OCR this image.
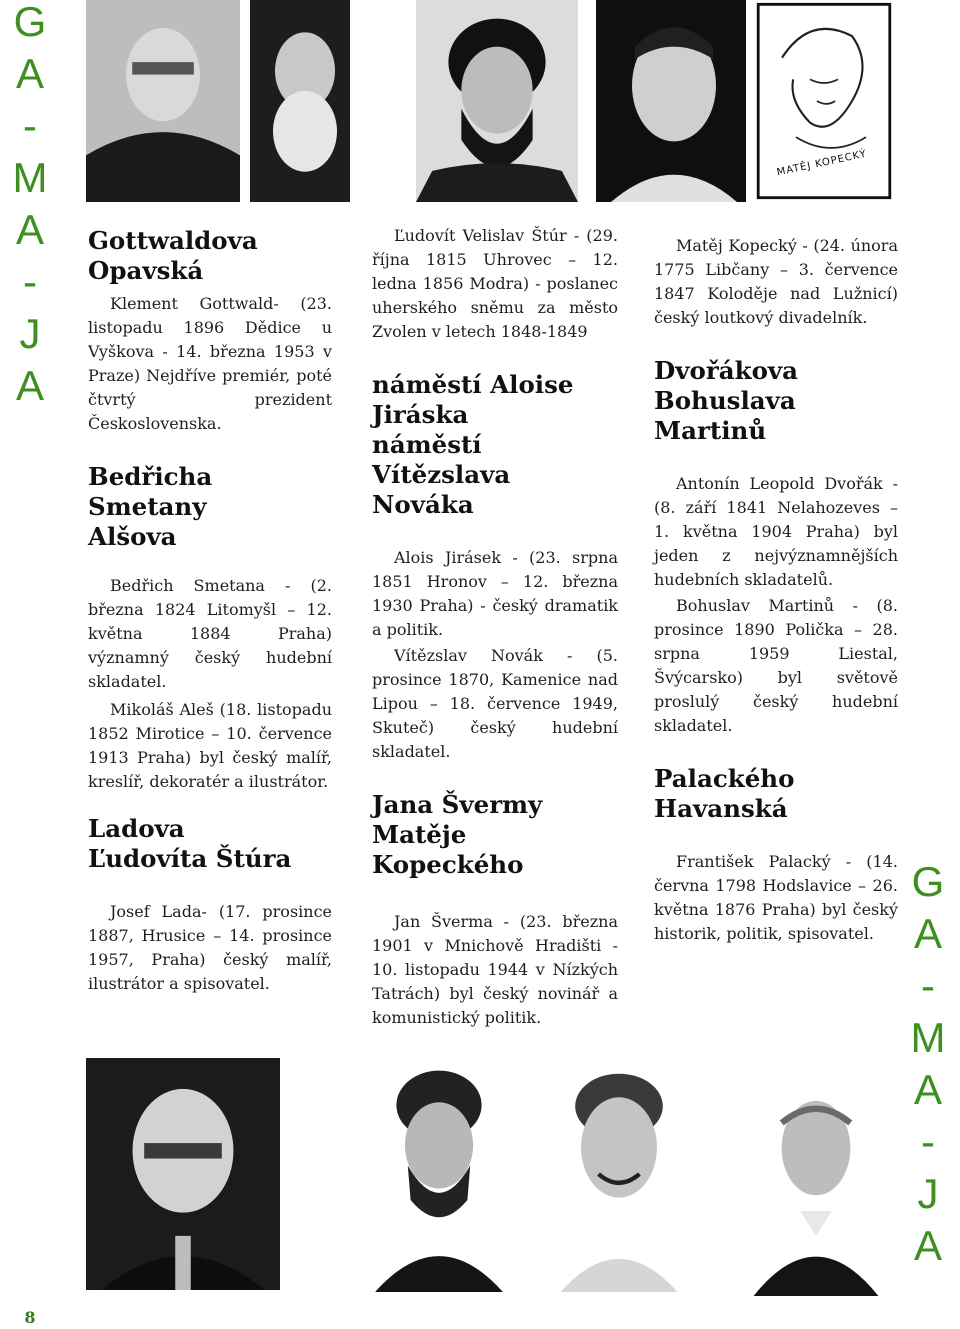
G
A
-
M
A
-
J
A
G
A
-
M
A
-
J
A
MATĚJ KOPECKÝ
Gottwaldova
Opavská

Klement Gottwald- (23. listopadu 1896 Dědice u Vyškova - 14. března 1953 v Praze) Nejdříve premiér, poté čtvrtý prezident Československa.

Bedřicha Smetany
Alšova

Bedřich Smetana - (2. března 1824 Litomyšl – 12. května 1884 Praha) významný český hudební skladatel.

Mikoláš Aleš (18. listopadu 1852 Mirotice – 10. července 1913 Praha) byl český malíř, kreslíř, dekoratér a ilustrátor.

Ladova
Ľudovíta Štúra

Josef Lada- (17. prosince 1887, Hrusice – 14. prosince 1957, Praha) český malíř, ilustrátor a spisovatel.

Ľudovít Velislav Štúr - (29. října 1815 Uhrovec – 12. ledna 1856 Modra) - poslanec uherského sněmu za město Zvolen v letech 1848-1849

náměstí Aloise Jiráska
náměstí Vítězslava Nováka

Alois Jirásek - (23. srpna 1851 Hronov – 12. března 1930 Praha) - český dramatik a politik.

Vítězslav Novák - (5. prosince 1870, Kamenice nad Lipou – 18. července 1949, Skuteč) český hudební skladatel.

Jana Švermy
Matěje Kopeckého

Jan Šverma - (23. března 1901 v Mnichově Hradišti - 10. listopadu 1944 v Nízkých Tatrách) byl český novinář a komunistický politik.

Matěj Kopecký - (24. února 1775 Libčany – 3. července 1847 Koloděje nad Lužnicí) český loutkový divadelník.

Dvořákova
Bohuslava Martinů

Antonín Leopold Dvořák - (8. září 1841 Nelahozeves – 1. května 1904 Praha) byl jeden z nejvýznamnějších hudebních skladatelů.

Bohuslav Martinů - (8. prosince 1890 Polička – 28. srpna 1959 Liestal, Švýcarsko) byl světově proslulý český hudební skladatel.

Palackého
Havanská

František Palacký - (14. června 1798 Hodslavice – 26. května 1876 Praha) byl český historik, politik, spisovatel.

8
